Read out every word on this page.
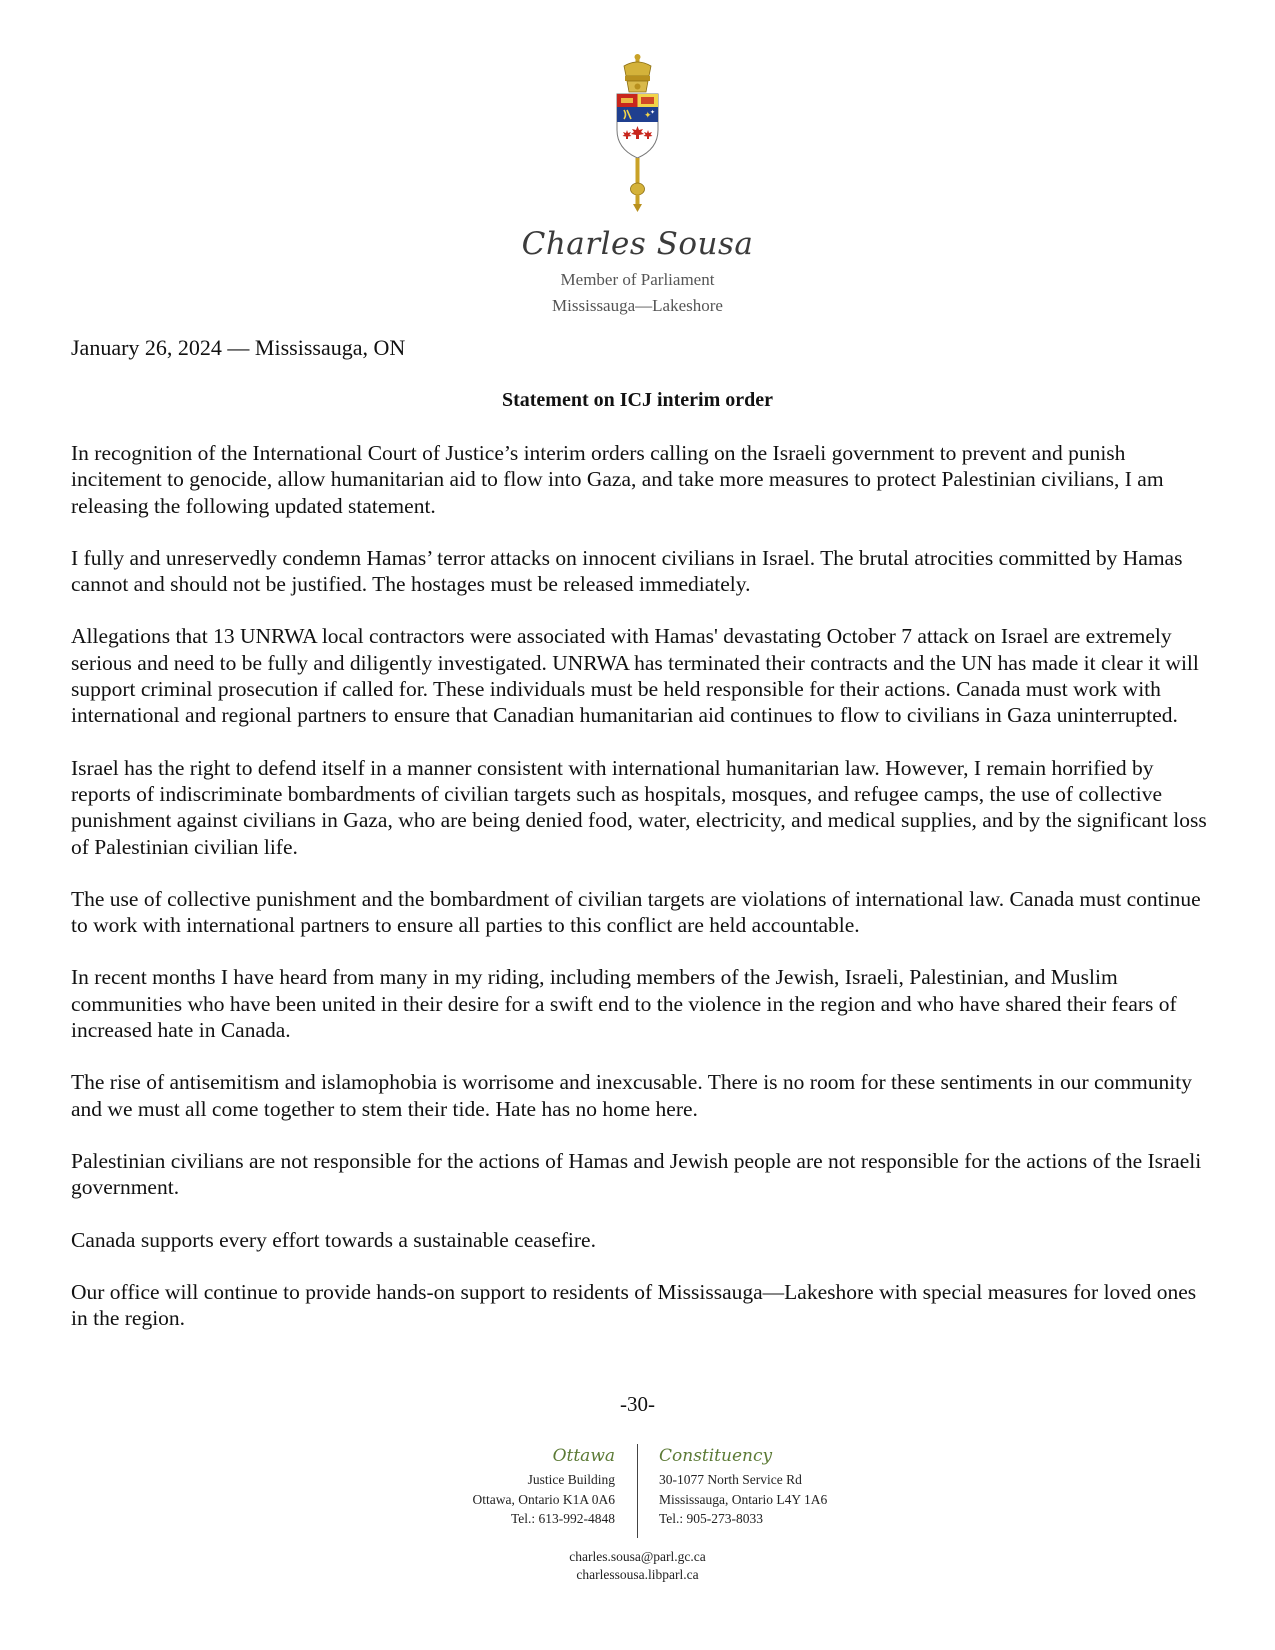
✦
✦
Charles Sousa
Member of Parliament
Mississauga—Lakeshore
January 26, 2024 — Mississauga, ON
Statement on ICJ interim order

In recognition of the International Court of Justice’s interim orders calling on the Israeli government to prevent and punish incitement to genocide, allow humanitarian aid to flow into Gaza, and take more measures to protect Palestinian civilians, I am releasing the following updated statement.

I fully and unreservedly condemn Hamas’ terror attacks on innocent civilians in Israel. The brutal atrocities committed by Hamas cannot and should not be justified. The hostages must be released immediately.

Allegations that 13 UNRWA local contractors were associated with Hamas' devastating October 7 attack on Israel are extremely serious and need to be fully and diligently investigated. UNRWA has terminated their contracts and the UN has made it clear it will support criminal prosecution if called for. These individuals must be held responsible for their actions. Canada must work with international and regional partners to ensure that Canadian humanitarian aid continues to flow to civilians in Gaza uninterrupted.

Israel has the right to defend itself in a manner consistent with international humanitarian law. However, I remain horrified by reports of indiscriminate bombardments of civilian targets such as hospitals, mosques, and refugee camps, the use of collective punishment against civilians in Gaza, who are being denied food, water, electricity, and medical supplies, and by the significant loss of Palestinian civilian life.

The use of collective punishment and the bombardment of civilian targets are violations of international law. Canada must continue to work with international partners to ensure all parties to this conflict are held accountable.

In recent months I have heard from many in my riding, including members of the Jewish, Israeli, Palestinian, and Muslim communities who have been united in their desire for a swift end to the violence in the region and who have shared their fears of increased hate in Canada.

The rise of antisemitism and islamophobia is worrisome and inexcusable. There is no room for these sentiments in our community and we must all come together to stem their tide. Hate has no home here.

Palestinian civilians are not responsible for the actions of Hamas and Jewish people are not responsible for the actions of the Israeli government.

Canada supports every effort towards a sustainable ceasefire.

Our office will continue to provide hands-on support to residents of Mississauga—Lakeshore with special measures for loved ones in the region.

-30-
Ottawa
Justice Building
Ottawa, Ontario K1A 0A6
Tel.: 613-992-4848
Constituency
30-1077 North Service Rd
Mississauga, Ontario L4Y 1A6
Tel.: 905-273-8033
charles.sousa@parl.gc.ca
charlessousa.libparl.ca
